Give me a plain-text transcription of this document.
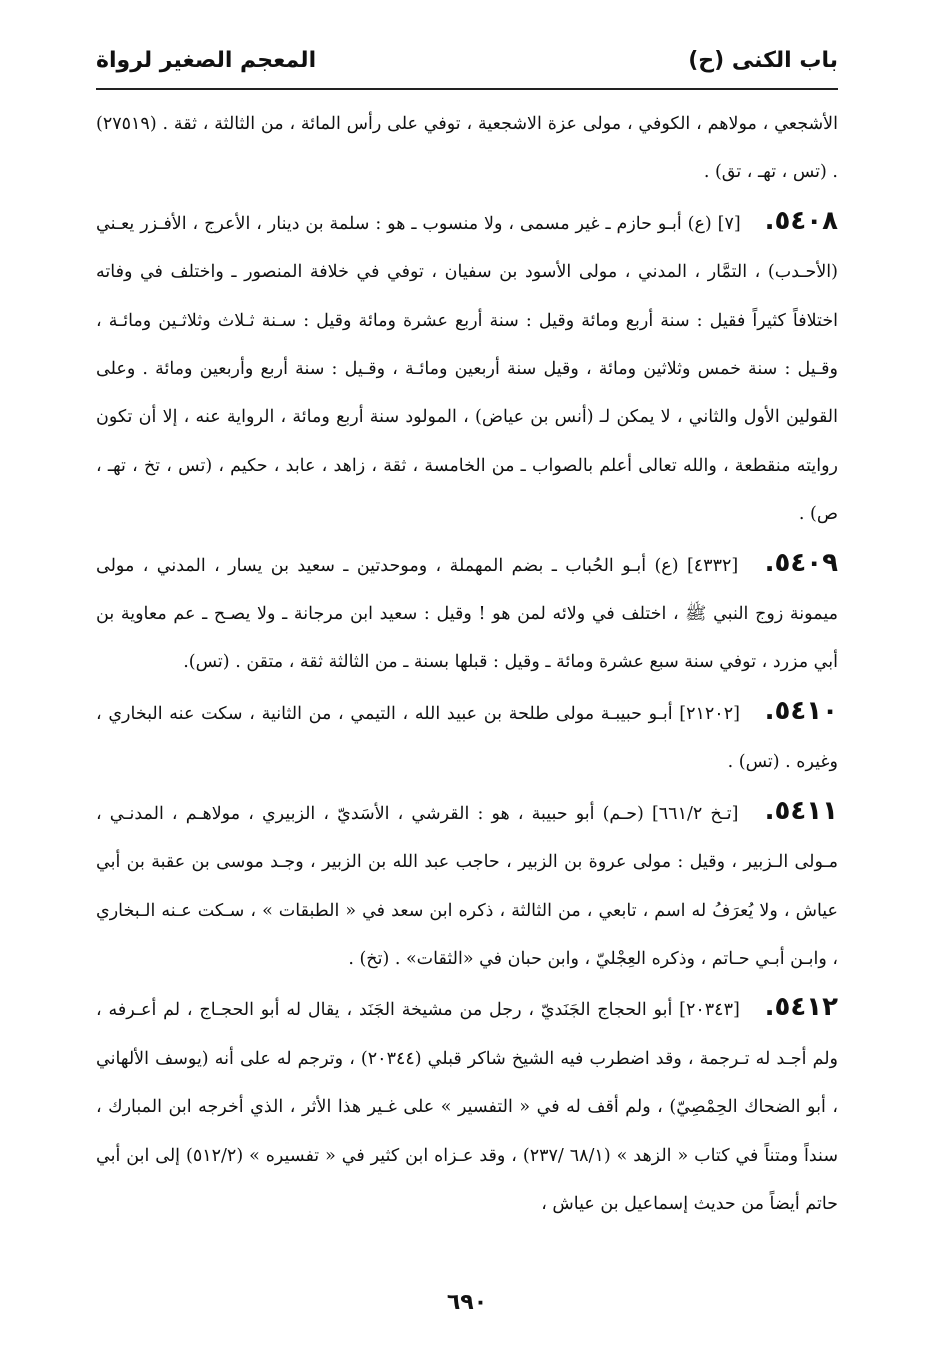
باب الكنى (ح)
المعجم الصغير لرواة

الأشجعي ، مولاهم ، الكوفي ، مولى عزة الاشجعية ، توفي على رأس المائة ، من الثالثة ، ثقة . (٢٧٥١٩) . (تس ، تهـ ، تق) .

٥٤٠٨. [٧] (ع) أبـو حازم ـ غير مسمى ، ولا منسوب ـ هو : سلمة بن دينار ، الأعرج ، الأفـزر يعـني (الأحـدب) ، التمَّار ، المدني ، مولى الأسود بن سفيان ، توفي في خلافة المنصور ـ واختلف في وفاته اختلافاً كثيراً فقيل : سنة أربع ومائة وقيل : سنة أربع عشرة ومائة وقيل : سـنة ثـلاث وثلاثـين ومائـة ، وقـيل : سنة خمس وثلاثين ومائة ، وقيل سنة أربعين ومائـة ، وقـيل : سنة أربع وأربعين ومائة . وعلى القولين الأول والثاني ، لا يمكن لـ (أنس بن عياض) ، المولود سنة أربع ومائة ، الرواية عنه ، إلا أن تكون روايته منقطعة ، والله تعالى أعلم بالصواب ـ من الخامسة ، ثقة ، زاهد ، عابد ، حكيم ، (تس ، تخ ، تهـ ، ص) .

٥٤٠٩. [٤٣٣٢] (ع) أبـو الحُباب ـ بضم المهملة ، وموحدتين ـ سعيد بن يسار ، المدني ، مولى ميمونة زوج النبي ﷺ ، اختلف في ولائه لمن هو ! وقيل : سعيد ابن مرجانة ـ ولا يصـح ـ عم معاوية بن أبي مزرد ، توفي سنة سبع عشرة ومائة ـ وقيل : قبلها بسنة ـ من الثالثة ثقة ، متقن . (تس).

٥٤١٠. [٢١٢٠٢] أبـو حبيبـة مولى طلحة بن عبيد الله ، التيمي ، من الثانية ، سكت عنه البخاري ، وغيره . (تس) .

٥٤١١. [تـخ ٦٦١/٢] (حـم) أبو حبيبة ، هو : القرشي ، الأسَديّ ، الزبيري ، مولاهـم ، المدنـي ، مـولى الـزبير ، وقيل : مولى عروة بن الزبير ، حاجب عبد الله بن الزبير ، وجـد موسى بن عقبة بن أبي عياش ، ولا يُعرَفُ له اسم ، تابعي ، من الثالثة ، ذكره ابن سعد في « الطبقات » ، سـكت عـنه الـبخاري ، وابـن أبـي حـاتم ، وذكره العِجْليّ ، وابن حبان في «الثقات» . (تخ) .

٥٤١٢. [٢٠٣٤٣] أبو الحجاج الجَنَديّ ، رجل من مشيخة الجَنَد ، يقال له أبو الحجـاج ، لم أعـرفه ، ولم أجـد له تـرجمة ، وقد اضطرب فيه الشيخ شاكر قبلي (٢٠٣٤٤) ، وترجم له على أنه (يوسف الألهاني ، أبو الضحاك الحِمْصِيّ) ، ولم أقف له في « التفسير » على غـير هذا الأثر ، الذي أخرجه ابن المبارك ، سنداً ومتناً في كتاب « الزهد » (٦٨/١ /٢٣٧) ، وقد عـزاه ابن كثير في « تفسيره » (٥١٢/٢) إلى ابن أبي حاتم أيضاً من حديث إسماعيل بن عياش ،

٦٩٠
